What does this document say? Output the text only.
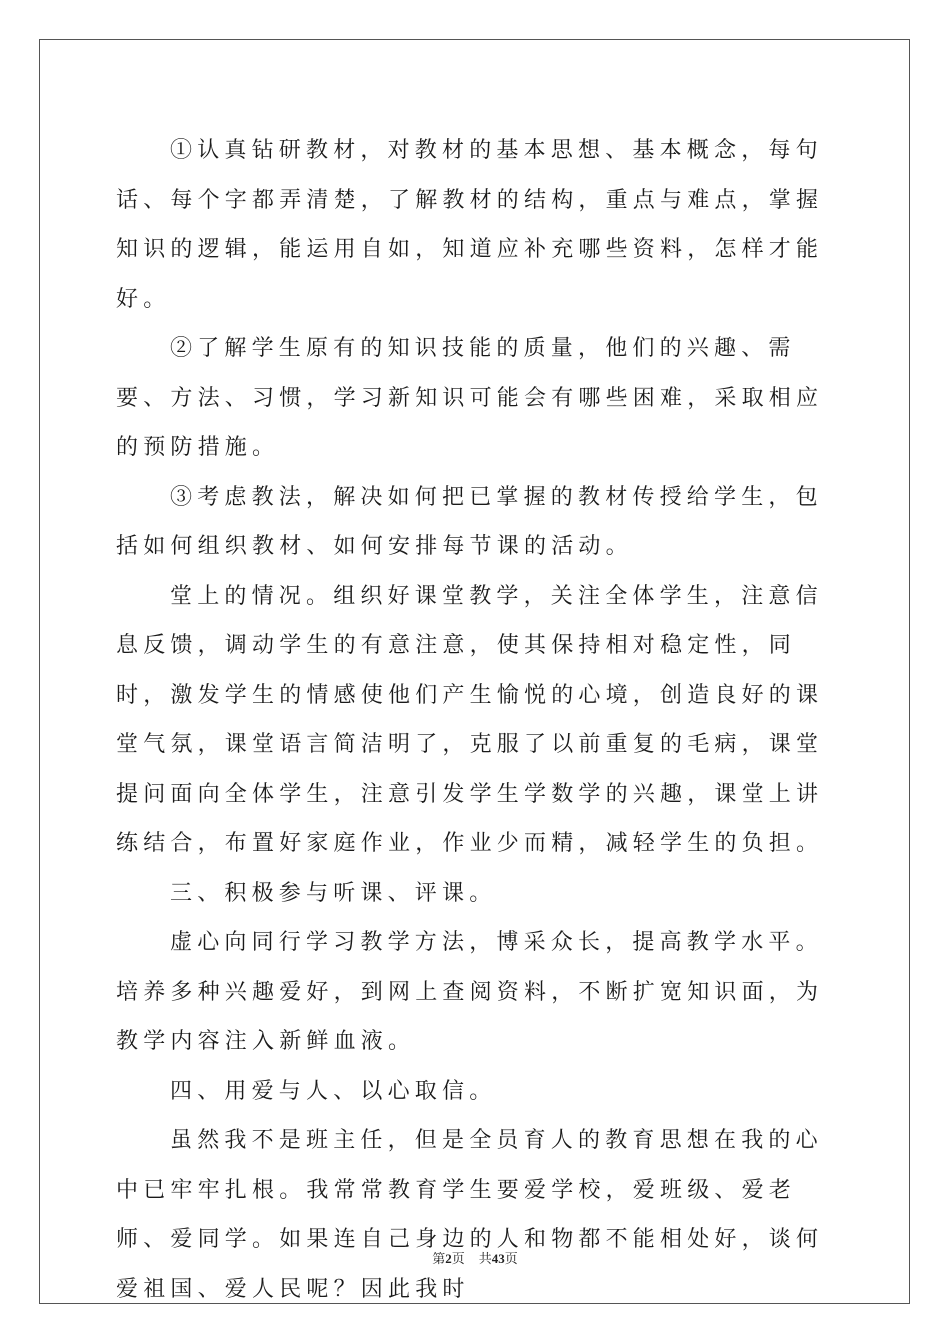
①认真钻研教材，对教材的基本思想、基本概念，每句话、每个字都弄清楚，了解教材的结构，重点与难点，掌握知识的逻辑，能运用自如，知道应补充哪些资料，怎样才能好。

②了解学生原有的知识技能的质量，他们的兴趣、需要、方法、习惯，学习新知识可能会有哪些困难，采取相应的预防措施。

③考虑教法，解决如何把已掌握的教材传授给学生，包括如何组织教材、如何安排每节课的活动。

堂上的情况。组织好课堂教学，关注全体学生，注意信息反馈，调动学生的有意注意，使其保持相对稳定性，同时，激发学生的情感使他们产生愉悦的心境，创造良好的课堂气氛，课堂语言简洁明了，克服了以前重复的毛病，课堂提问面向全体学生，注意引发学生学数学的兴趣，课堂上讲练结合，布置好家庭作业，作业少而精，减轻学生的负担。

三、积极参与听课、评课。

虚心向同行学习教学方法，博采众长，提高教学水平。培养多种兴趣爱好，到网上查阅资料，不断扩宽知识面，为教学内容注入新鲜血液。

四、用爱与人、以心取信。

虽然我不是班主任，但是全员育人的教育思想在我的心中已牢牢扎根。我常常教育学生要爱学校，爱班级、爱老师、爱同学。如果连自己身边的人和物都不能相处好，谈何爱祖国、爱人民呢？因此我时

第2页 共43页
